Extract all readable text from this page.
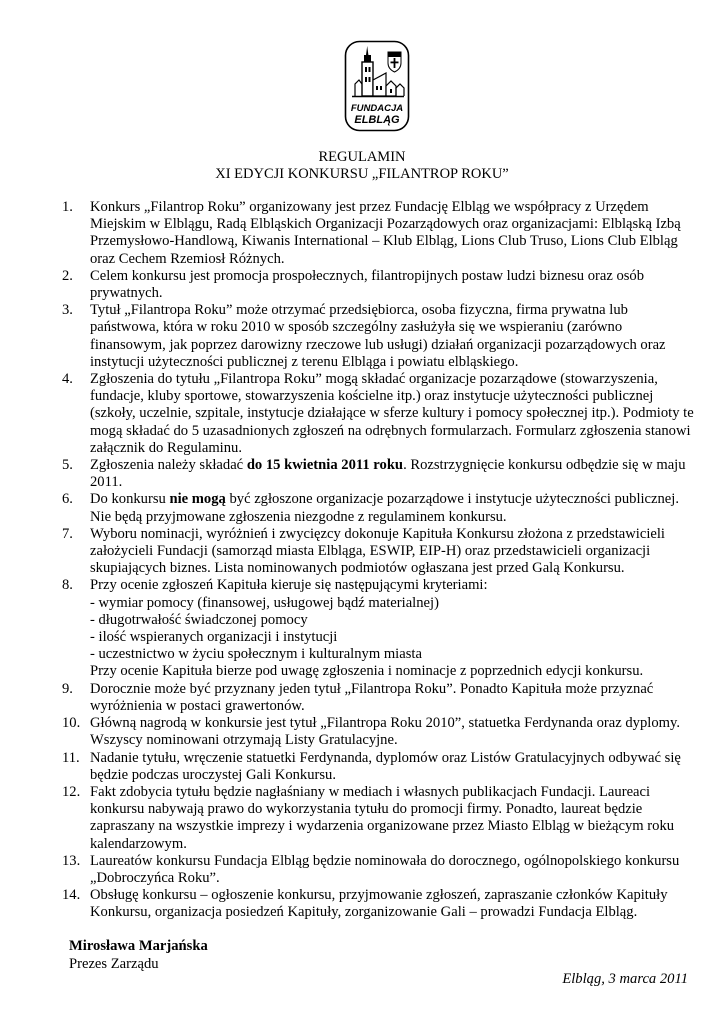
FUNDACJA
ELBLĄG
REGULAMIN
XI EDYCJI KONKURSU „FILANTROP ROKU”
1. Konkurs „Filantrop Roku” organizowany jest przez Fundację Elbląg we współpracy z Urzędem Miejskim w Elblągu, Radą Elbląskich Organizacji Pozarządowych oraz organizacjami: Elbląską Izbą Przemysłowo-Handlową, Kiwanis International – Klub Elbląg, Lions Club Truso, Lions Club Elbląg oraz Cechem Rzemiosł Różnych.
2. Celem konkursu jest promocja prospołecznych, filantropijnych postaw ludzi biznesu oraz osób prywatnych.
3. Tytuł „Filantropa Roku” może otrzymać przedsiębiorca, osoba fizyczna, firma prywatna lub państwowa, która w roku 2010 w sposób szczególny zasłużyła się we wspieraniu (zarówno finansowym, jak poprzez darowizny rzeczowe lub usługi) działań organizacji pozarządowych oraz instytucji użyteczności publicznej z terenu Elbląga i powiatu elbląskiego.
4. Zgłoszenia do tytułu „Filantropa Roku” mogą składać organizacje pozarządowe (stowarzyszenia, fundacje, kluby sportowe, stowarzyszenia kościelne itp.) oraz instytucje użyteczności publicznej (szkoły, uczelnie, szpitale, instytucje działające w sferze kultury i pomocy społecznej itp.). Podmioty te mogą składać do 5 uzasadnionych zgłoszeń na odrębnych formularzach. Formularz zgłoszenia stanowi załącznik do Regulaminu.
5. Zgłoszenia należy składać do 15 kwietnia 2011 roku. Rozstrzygnięcie konkursu odbędzie się w maju 2011.
6. Do konkursu nie mogą być zgłoszone organizacje pozarządowe i instytucje użyteczności publicznej. Nie będą przyjmowane zgłoszenia niezgodne z regulaminem konkursu.
7. Wyboru nominacji, wyróżnień i zwycięzcy dokonuje Kapituła Konkursu złożona z przedstawicieli założycieli Fundacji (samorząd miasta Elbląga, ESWIP, EIP-H) oraz przedstawicieli organizacji skupiających biznes. Lista nominowanych podmiotów ogłaszana jest przed Galą Konkursu.
8. Przy ocenie zgłoszeń Kapituła kieruje się następującymi kryteriami:
- wymiar pomocy (finansowej, usługowej bądź materialnej)
- długotrwałość świadczonej pomocy
- ilość wspieranych organizacji i instytucji
- uczestnictwo w życiu społecznym i kulturalnym miasta
Przy ocenie Kapituła bierze pod uwagę zgłoszenia i nominacje z poprzednich edycji konkursu.
9. Dorocznie może być przyznany jeden tytuł „Filantropa Roku”. Ponadto Kapituła może przyznać wyróżnienia w postaci grawertonów.
10. Główną nagrodą w konkursie jest tytuł „Filantropa Roku 2010”, statuetka Ferdynanda oraz dyplomy. Wszyscy nominowani otrzymają Listy Gratulacyjne.
11. Nadanie tytułu, wręczenie statuetki Ferdynanda, dyplomów oraz Listów Gratulacyjnych odbywać się będzie podczas uroczystej Gali Konkursu.
12. Fakt zdobycia tytułu będzie nagłaśniany w mediach i własnych publikacjach Fundacji. Laureaci konkursu nabywają prawo do wykorzystania tytułu do promocji firmy. Ponadto, laureat będzie zapraszany na wszystkie imprezy i wydarzenia organizowane przez Miasto Elbląg w bieżącym roku kalendarzowym.
13. Laureatów konkursu Fundacja Elbląg będzie nominowała do dorocznego, ogólnopolskiego konkursu „Dobroczyńca Roku”.
14. Obsługę konkursu – ogłoszenie konkursu, przyjmowanie zgłoszeń, zapraszanie członków Kapituły Konkursu, organizacja posiedzeń Kapituły, zorganizowanie Gali – prowadzi Fundacja Elbląg.
Mirosława Marjańska
Prezes Zarządu
Elbląg, 3 marca 2011
